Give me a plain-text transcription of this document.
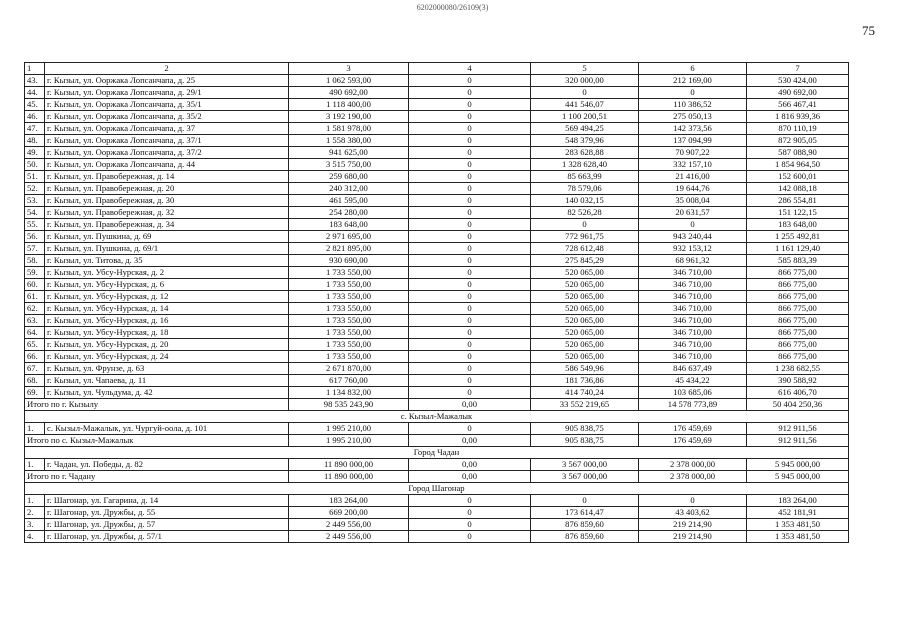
6202000080/26109(3)
75
1	2	3	4	5	6	7
43.	г. Кызыл, ул. Ооржака Лопсанчапа, д. 25	1 062 593,00	0	320 000,00	212 169,00	530 424,00
44.	г. Кызыл, ул. Ооржака Лопсанчапа, д. 29/1	490 692,00	0	0	0	490 692,00
45.	г. Кызыл, ул. Ооржака Лопсанчапа, д. 35/1	1 118 400,00	0	441 546,07	110 386,52	566 467,41
46.	г. Кызыл, ул. Ооржака Лопсанчапа, д. 35/2	3 192 190,00	0	1 100 200,51	275 050,13	1 816 939,36
47.	г. Кызыл, ул. Ооржака Лопсанчапа, д. 37	1 581 978,00	0	569 494,25	142 373,56	870 110,19
48.	г. Кызыл, ул. Ооржака Лопсанчапа, д. 37/1	1 558 380,00	0	548 379,96	137 094,99	872 905,05
49.	г. Кызыл, ул. Ооржака Лопсанчапа, д. 37/2	941 625,00	0	283 628,88	70 907,22	587 088,90
50.	г. Кызыл, ул. Ооржака Лопсанчапа, д. 44	3 515 750,00	0	1 328 628,40	332 157,10	1 854 964,50
51.	г. Кызыл, ул. Правобережная, д. 14	259 680,00	0	85 663,99	21 416,00	152 600,01
52.	г. Кызыл, ул. Правобережная, д. 20	240 312,00	0	78 579,06	19 644,76	142 088,18
53.	г. Кызыл, ул. Правобережная, д. 30	461 595,00	0	140 032,15	35 008,04	286 554,81
54.	г. Кызыл, ул. Правобережная, д. 32	254 280,00	0	82 526,28	20 631,57	151 122,15
55.	г. Кызыл, ул. Правобережная, д. 34	183 648,00	0	0	0	183 648,00
56.	г. Кызыл, ул. Пушкина, д. 69	2 971 695,00	0	772 961,75	943 240,44	1 255 492,81
57.	г. Кызыл, ул. Пушкина, д. 69/1	2 821 895,00	0	728 612,48	932 153,12	1 161 129,40
58.	г. Кызыл, ул. Титова, д. 35	930 690,00	0	275 845,29	68 961,32	585 883,39
59.	г. Кызыл, ул. Убсу-Нурская, д. 2	1 733 550,00	0	520 065,00	346 710,00	866 775,00
60.	г. Кызыл, ул. Убсу-Нурская, д. 6	1 733 550,00	0	520 065,00	346 710,00	866 775,00
61.	г. Кызыл, ул. Убсу-Нурская, д. 12	1 733 550,00	0	520 065,00	346 710,00	866 775,00
62.	г. Кызыл, ул. Убсу-Нурская, д. 14	1 733 550,00	0	520 065,00	346 710,00	866 775,00
63.	г. Кызыл, ул. Убсу-Нурская, д. 16	1 733 550,00	0	520 065,00	346 710,00	866 775,00
64.	г. Кызыл, ул. Убсу-Нурская, д. 18	1 733 550,00	0	520 065,00	346 710,00	866 775,00
65.	г. Кызыл, ул. Убсу-Нурская, д. 20	1 733 550,00	0	520 065,00	346 710,00	866 775,00
66.	г. Кызыл, ул. Убсу-Нурская, д. 24	1 733 550,00	0	520 065,00	346 710,00	866 775,00
67.	г. Кызыл, ул. Фрунзе, д. 63	2 671 870,00	0	586 549,96	846 637,49	1 238 682,55
68.	г. Кызыл, ул. Чапаева, д. 11	617 760,00	0	181 736,86	45 434,22	390 588,92
69.	г. Кызыл, ул. Чульдума, д. 42	1 134 832,00	0	414 740,24	103 685,06	616 406,70
Итого по г. Кызылу		98 535 243,90	0,00	33 552 219,65	14 578 773,89	50 404 250,36
с. Кызыл-Мажалык						
1.	с. Кызыл-Мажалык, ул. Чургуй-оола, д. 101	1 995 210,00	0	905 838,75	176 459,69	912 911,56
Итого по с. Кызыл-Мажалык		1 995 210,00	0,00	905 838,75	176 459,69	912 911,56
Город Чадан						
1.	г. Чадан, ул. Победы, д. 82	11 890 000,00	0,00	3 567 000,00	2 378 000,00	5 945 000,00
Итого по г. Чадану		11 890 000,00	0,00	3 567 000,00	2 378 000,00	5 945 000,00
Город Шагонар						
1.	г. Шагонар, ул. Гагарина, д. 14	183 264,00	0	0	0	183 264,00
2.	г. Шагонар, ул. Дружбы, д. 55	669 200,00	0	173 614,47	43 403,62	452 181,91
3.	г. Шагонар, ул. Дружбы, д. 57	2 449 556,00	0	876 859,60	219 214,90	1 353 481,50
4.	г. Шагонар, ул. Дружбы, д. 57/1	2 449 556,00	0	876 859,60	219 214,90	1 353 481,50
